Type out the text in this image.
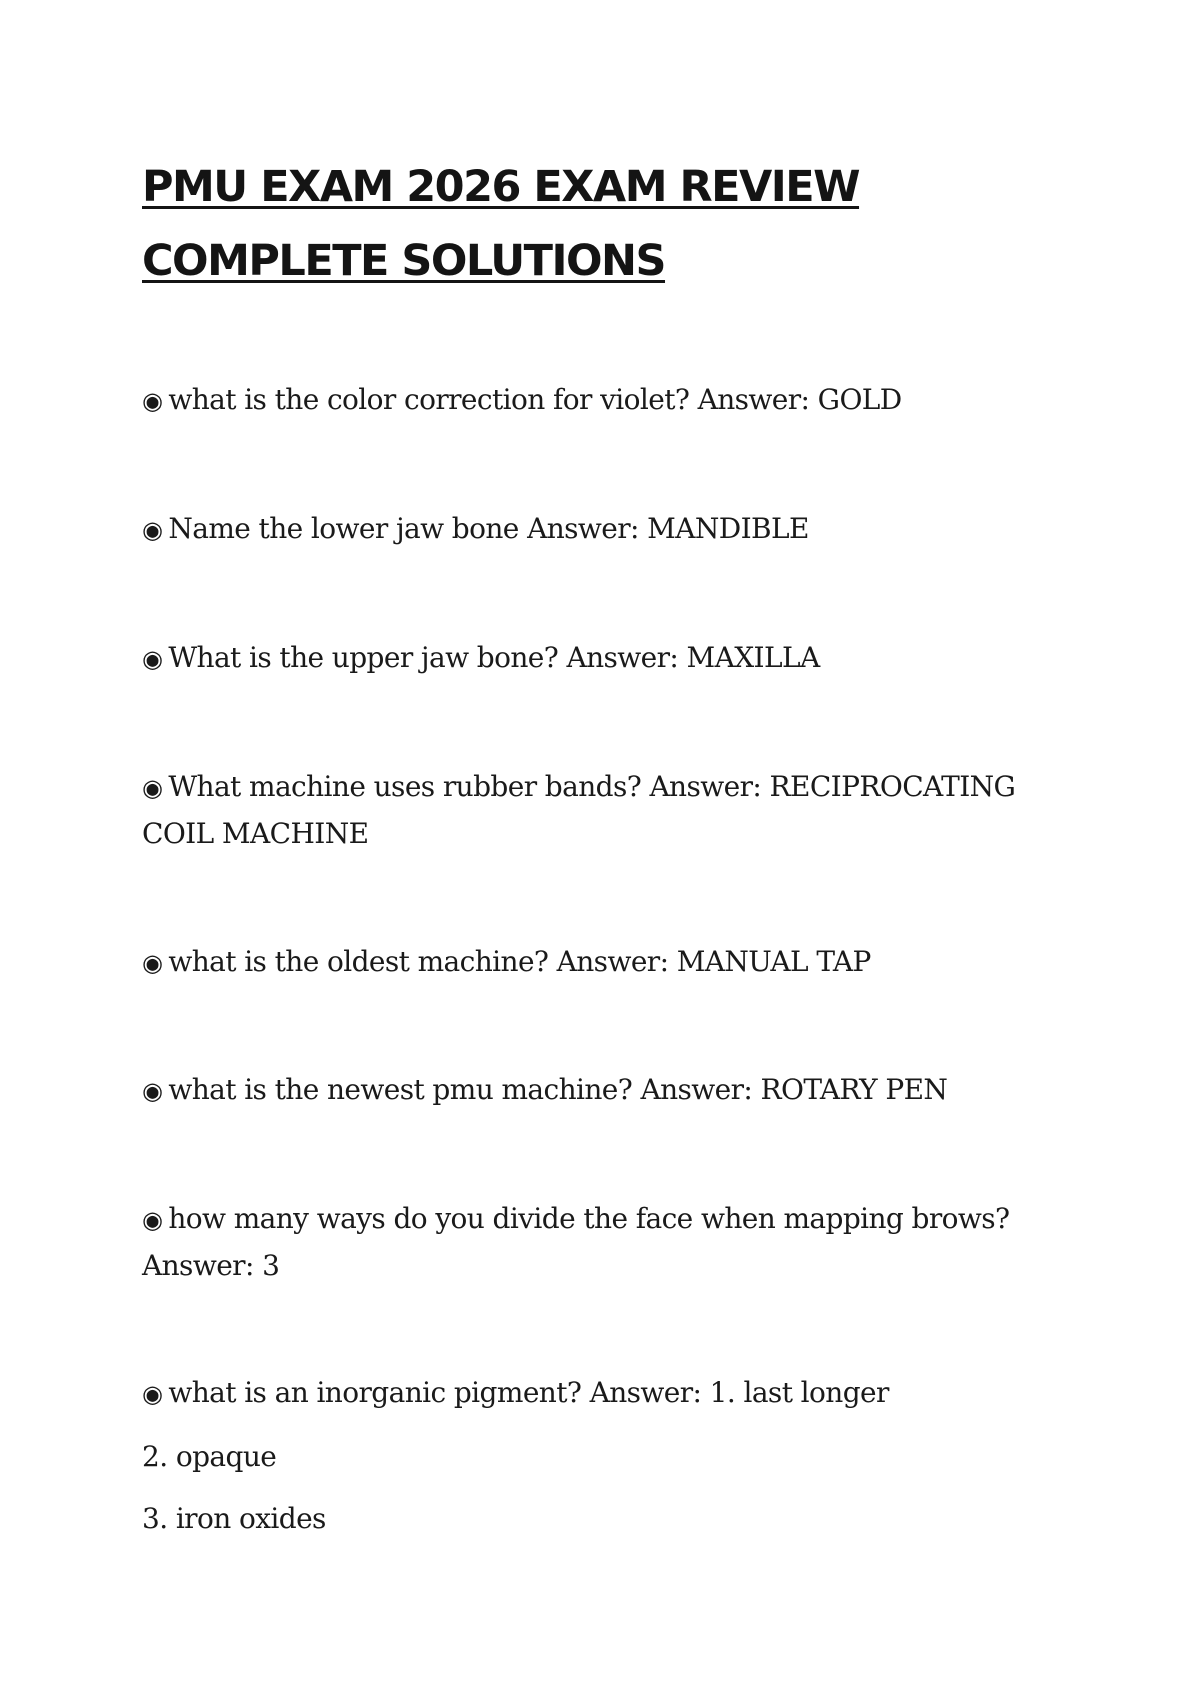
PMU EXAM 2026 EXAM REVIEW COMPLETE SOLUTIONS

◉ what is the color correction for violet? Answer: GOLD

◉ Name the lower jaw bone Answer: MANDIBLE

◉ What is the upper jaw bone? Answer: MAXILLA

◉ What machine uses rubber bands? Answer: RECIPROCATING COIL MACHINE

◉ what is the oldest machine? Answer: MANUAL TAP

◉ what is the newest pmu machine? Answer: ROTARY PEN

◉ how many ways do you divide the face when mapping brows? Answer: 3

◉ what is an inorganic pigment? Answer: 1. last longer

2. opaque

3. iron oxides
